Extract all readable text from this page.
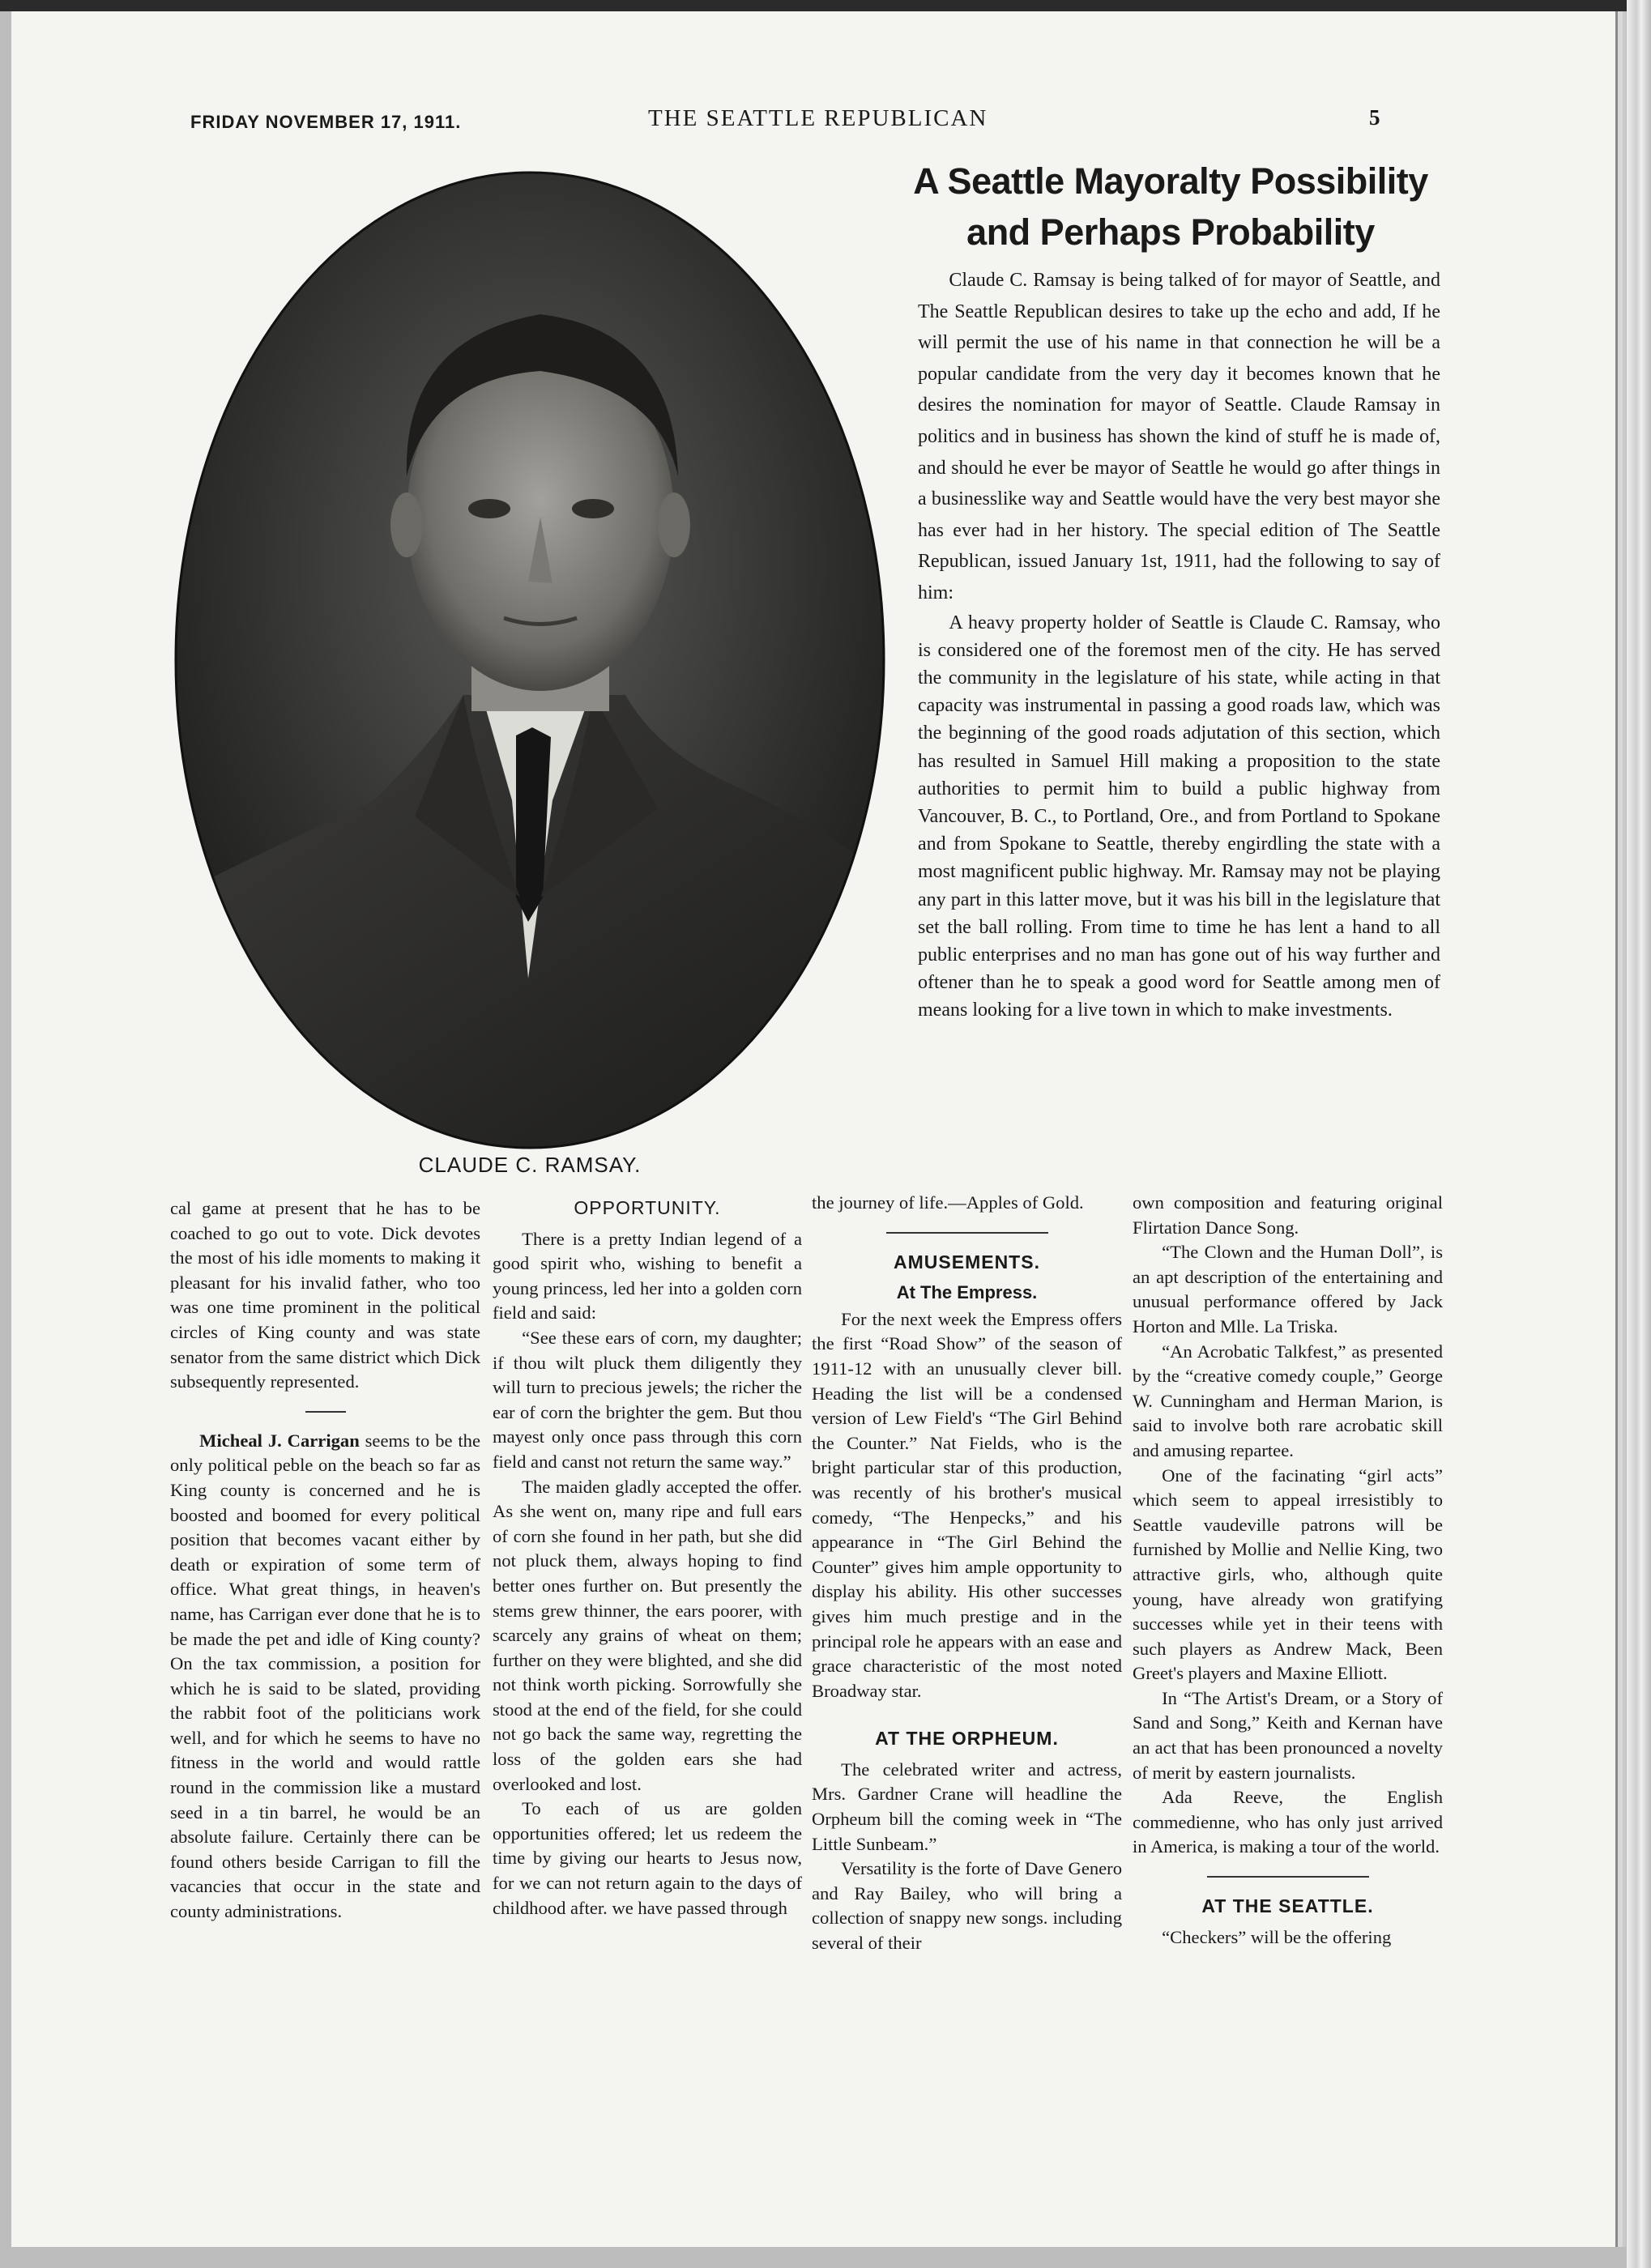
FRIDAY NOVEMBER 17, 1911.	THE SEATTLE REPUBLICAN	5
CLAUDE C. RAMSAY.
A Seattle Mayoralty Possibility
and Perhaps Probability

Claude C. Ramsay is being talked of for mayor of Seattle, and The Seattle Republican desires to take up the echo and add, If he will permit the use of his name in that connection he will be a popular candidate from the very day it becomes known that he desires the nomination for mayor of Seattle. Claude Ramsay in politics and in business has shown the kind of stuff he is made of, and should he ever be mayor of Seattle he would go after things in a businesslike way and Seattle would have the very best mayor she has ever had in her history. The special edition of The Seattle Republican, issued January 1st, 1911, had the following to say of him:

A heavy property holder of Seattle is Claude C. Ramsay, who is considered one of the foremost men of the city. He has served the community in the legislature of his state, while acting in that capacity was instrumental in passing a good roads law, which was the beginning of the good roads adjutation of this section, which has resulted in Samuel Hill making a proposition to the state authorities to permit him to build a public highway from Vancouver, B. C., to Portland, Ore., and from Portland to Spokane and from Spokane to Seattle, thereby engirdling the state with a most magnificent public highway. Mr. Ramsay may not be playing any part in this latter move, but it was his bill in the legislature that set the ball rolling. From time to time he has lent a hand to all public enterprises and no man has gone out of his way further and oftener than he to speak a good word for Seattle among men of means looking for a live town in which to make investments.

cal game at present that he has to be coached to go out to vote. Dick devotes the most of his idle moments to making it pleasant for his invalid father, who too was one time prominent in the political circles of King county and was state senator from the same district which Dick subsequently represented.

Micheal J. Carrigan seems to be the only political peble on the beach so far as King county is concerned and he is boosted and boomed for every political position that becomes vacant either by death or expiration of some term of office. What great things, in heaven's name, has Carrigan ever done that he is to be made the pet and idle of King county? On the tax commission, a position for which he is said to be slated, providing the rabbit foot of the politicians work well, and for which he seems to have no fitness in the world and would rattle round in the commission like a mustard seed in a tin barrel, he would be an absolute failure. Certainly there can be found others beside Carrigan to fill the vacancies that occur in the state and county administrations.

OPPORTUNITY.

There is a pretty Indian legend of a good spirit who, wishing to benefit a young princess, led her into a golden corn field and said:

“See these ears of corn, my daughter; if thou wilt pluck them diligently they will turn to precious jewels; the richer the ear of corn the brighter the gem. But thou mayest only once pass through this corn field and canst not return the same way.”

The maiden gladly accepted the offer. As she went on, many ripe and full ears of corn she found in her path, but she did not pluck them, always hoping to find better ones further on. But presently the stems grew thinner, the ears poorer, with scarcely any grains of wheat on them; further on they were blighted, and she did not think worth picking. Sorrowfully she stood at the end of the field, for she could not go back the same way, regretting the loss of the golden ears she had overlooked and lost.

To each of us are golden opportunities offered; let us redeem the time by giving our hearts to Jesus now, for we can not return again to the days of childhood after. we have passed through

the journey of life.—Apples of Gold.

AMUSEMENTS.
At The Empress.

For the next week the Empress offers the first “Road Show” of the season of 1911-12 with an unusually clever bill. Heading the list will be a condensed version of Lew Field's “The Girl Behind the Counter.” Nat Fields, who is the bright particular star of this production, was recently of his brother's musical comedy, “The Henpecks,” and his appearance in “The Girl Behind the Counter” gives him ample opportunity to display his ability. His other successes gives him much prestige and in the principal role he appears with an ease and grace characteristic of the most noted Broadway star.

AT THE ORPHEUM.

The celebrated writer and actress, Mrs. Gardner Crane will headline the Orpheum bill the coming week in “The Little Sunbeam.”

Versatility is the forte of Dave Genero and Ray Bailey, who will bring a collection of snappy new songs. including several of their

own composition and featuring original Flirtation Dance Song.

“The Clown and the Human Doll”, is an apt description of the entertaining and unusual performance offered by Jack Horton and Mlle. La Triska.

“An Acrobatic Talkfest,” as presented by the “creative comedy couple,” George W. Cunningham and Herman Marion, is said to involve both rare acrobatic skill and amusing repartee.

One of the facinating “girl acts” which seem to appeal irresistibly to Seattle vaudeville patrons will be furnished by Mollie and Nellie King, two attractive girls, who, although quite young, have already won gratifying successes while yet in their teens with such players as Andrew Mack, Been Greet's players and Maxine Elliott.

In “The Artist's Dream, or a Story of Sand and Song,” Keith and Kernan have an act that has been pronounced a novelty of merit by eastern journalists.

Ada Reeve, the English commedienne, who has only just arrived in America, is making a tour of the world.

AT THE SEATTLE.

“Checkers” will be the offering
